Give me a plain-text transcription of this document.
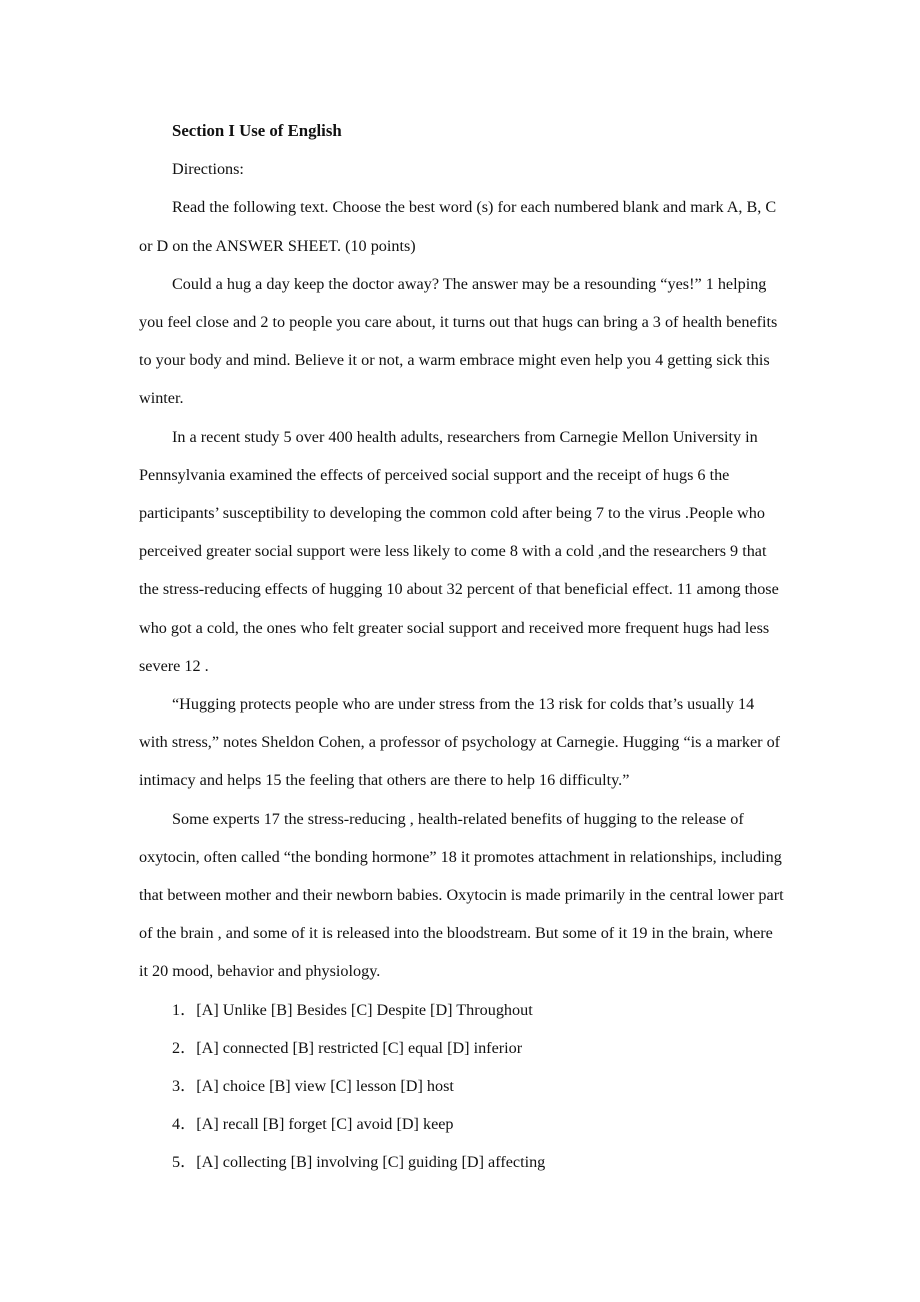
Section I Use of English

Directions:

Read the following text. Choose the best word (s) for each numbered blank and mark A, B, C or D on the ANSWER SHEET. (10 points)

Could a hug a day keep the doctor away? The answer may be a resounding “yes!” 1 helping you feel close and 2 to people you care about, it turns out that hugs can bring a 3 of health benefits to your body and mind. Believe it or not, a warm embrace might even help you 4 getting sick this winter.

In a recent study 5 over 400 health adults, researchers from Carnegie Mellon University in Pennsylvania examined the effects of perceived social support and the receipt of hugs 6 the participants’ susceptibility to developing the common cold after being 7 to the virus .People who perceived greater social support were less likely to come 8 with a cold ,and the researchers 9 that the stress-reducing effects of hugging 10 about 32 percent of that beneficial effect. 11 among those who got a cold, the ones who felt greater social support and received more frequent hugs had less severe 12 .

“Hugging protects people who are under stress from the 13 risk for colds that’s usually 14 with stress,” notes Sheldon Cohen, a professor of psychology at Carnegie. Hugging “is a marker of intimacy and helps 15 the feeling that others are there to help 16 difficulty.”

Some experts 17 the stress-reducing , health-related benefits of hugging to the release of oxytocin, often called “the bonding hormone” 18 it promotes attachment in relationships, including that between mother and their newborn babies. Oxytocin is made primarily in the central lower part of the brain , and some of it is released into the bloodstream. But some of it 19 in the brain, where it 20 mood, behavior and physiology.

1．[A] Unlike [B] Besides [C] Despite [D] Throughout

2．[A] connected [B] restricted [C] equal [D] inferior

3．[A] choice [B] view [C] lesson [D] host

4．[A] recall [B] forget [C] avoid [D] keep

5．[A] collecting [B] involving [C] guiding [D] affecting
